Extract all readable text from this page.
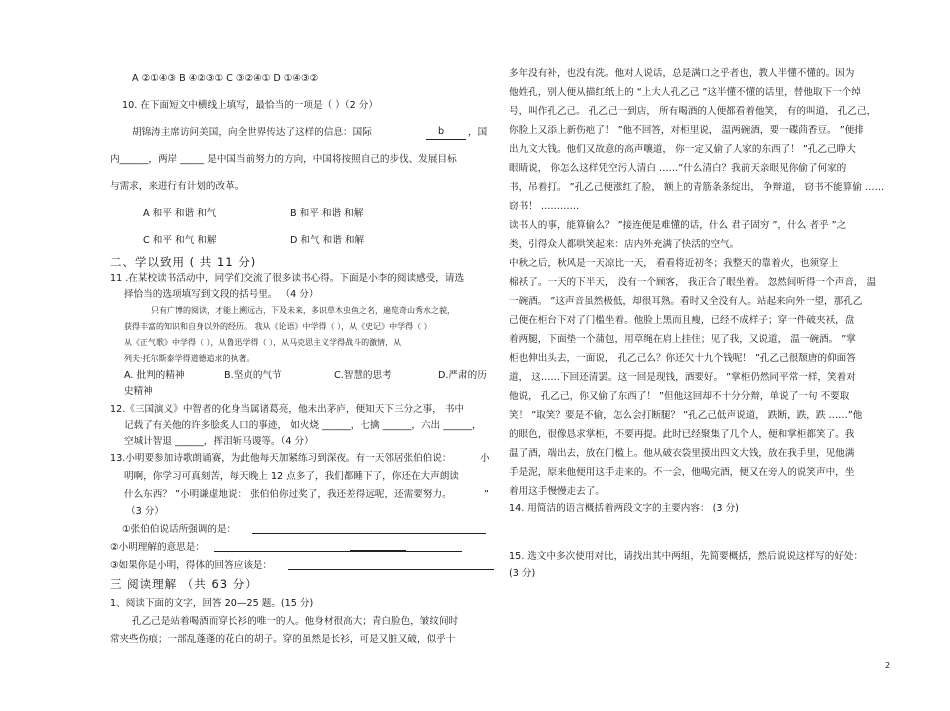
A ②①④③ B ④②③① C ③②④① D ①④③②
10. 在下面短文中横线上填写，最恰当的一项是（ ）（2 分）
胡锦涛主席访问美国，向全世界传达了这样的信息：国际	b ，国
内______，两岸 _____ 是中国当前努力的方向，中国将按照自己的步伐、发展目标
与需求，来进行有计划的改革。
A 和平 和谐 和气	B 和平 和谐 和解
C 和平 和气 和解	D 和气 和谐 和解
二、学以致用 ( 共 11 分)
11 .在某校读书活动中，同学们交流了很多读书心得。下面是小李的阅读感受，请选
择恰当的选项填写到文段的括号里。 （4 分）
只有广博的阅读，才能上溯远古，下及未来，多识草木虫鱼之名，遍览奇山秀水之貌，
获得丰富的知识和自身以外的经历。 我从《论语》中学得（ ），从《史记》中学得（ ）
从《正气歌》中学得（ ），从鲁迅学得（ ），从马克思主义学得战斗的激情，从
列夫·托尔斯泰学得道德追求的执著。
A. 批判的精神	B.坚贞的气节	C.智慧的思考	D.严肃的历
史精神
12.《三国演义》中智者的化身当属诸葛亮，他未出茅庐，便知天下三分之事， 书中
记载了有关他的许多脍炙人口的事迹， 如火烧 ______，七擒 ______，六出 ______，
空城计智退 ______，挥泪斩马谡等。（4 分）
13.小明要参加诗歌朗诵赛，为此他每天加紧练习到深夜。有一天邻居张伯伯说：	小
明啊，你学习可真刻苦，每天晚上 12 点多了，我们都睡下了，你还在大声朗读
什么东西？ ”小明谦虚地说： 张伯伯你过奖了，我还差得远呢，还需要努力。	”
（3 分）
①张伯伯说话所强调的是：
②小明理解的意思是：
③如果你是小明，得体的回答应该是：
三 阅读理解 （共 63 分）
1、阅读下面的文字，回答 20—25 题。(15 分)
孔乙己是站着喝酒而穿长衫的唯一的人。他身材很高大；青白脸色，皱纹间时
常夹些伤痕；一部乱蓬蓬的花白的胡子。穿的虽然是长衫，可是又脏又破，似乎十
多年没有补，也没有洗。他对人说话，总是满口之乎者也，教人半懂不懂的。因为
他姓孔，别人便从描红纸上的 “上大人孔乙己 ”这半懂不懂的话里，替他取下一个绰
号，叫作孔乙己。 孔乙己一到店， 所有喝酒的人便都看着他笑， 有的叫道， 孔乙己，
你脸上又添上新伤疤了！ ”他不回答，对柜里说， 温两碗酒，要一碟茴香豆。 ”便排
出九文大钱。他们又故意的高声嚷道， 你一定又偷了人家的东西了！ ”孔乙己睁大
眼睛说， 你怎么这样凭空污人清白 ……”什么清白？我前天亲眼见你偷了何家的
书，吊着打。 ”孔乙己便涨红了脸， 额上的青筋条条绽出， 争辩道， 窃书不能算偷 ……
窃书！ …………
读书人的事，能算偷么？ ”接连便是难懂的话，什么 君子固穷 ”，什么 者乎 ”之
类，引得众人都哄笑起来：店内外充满了快活的空气。
中秋之后，秋风是一天凉比一天， 看看将近初冬；我整天的靠着火，也须穿上
棉袄了。一天的下半天， 没有一个顾客， 我正合了眼坐着。 忽然间听得一个声音， 温
一碗酒。 ”这声音虽然极低，却很耳熟。看时又全没有人。站起来向外一望，那孔乙
己便在柜台下对了门槛坐着。他脸上黑而且瘦，已经不成样子；穿一件破夹袄，盘
着两腿，下面垫一个蒲包，用草绳在肩上挂住；见了我，又说道， 温一碗酒。 ”掌
柜也伸出头去，一面说， 孔乙己么？你还欠十九个钱呢！ ”孔乙己很颓唐的仰面答
道， 这……下回还清罢。这一回是现钱，酒要好。 ”掌柜仍然同平常一样，笑着对
他说， 孔乙己，你又偷了东西了！ ”但他这回却不十分分辩，单说了一句 不要取
笑！ ”取笑？要是不偷，怎么会打断腿？ ”孔乙己低声说道， 跌断，跌，跌 ……”他
的眼色，很像恳求掌柜，不要再提。此时已经聚集了几个人，便和掌柜都笑了。我
温了酒，端出去，放在门槛上。他从破衣袋里摸出四文大钱，放在我手里，见他满
手是泥，原来他便用这手走来的。不一会，他喝完酒，便又在旁人的说笑声中，坐
着用这手慢慢走去了。
14. 用简洁的语言概括着两段文字的主要内容： (3 分)
15. 选文中多次使用对比，请找出其中两组，先简要概括，然后说说这样写的好处：
(3 分)
2
